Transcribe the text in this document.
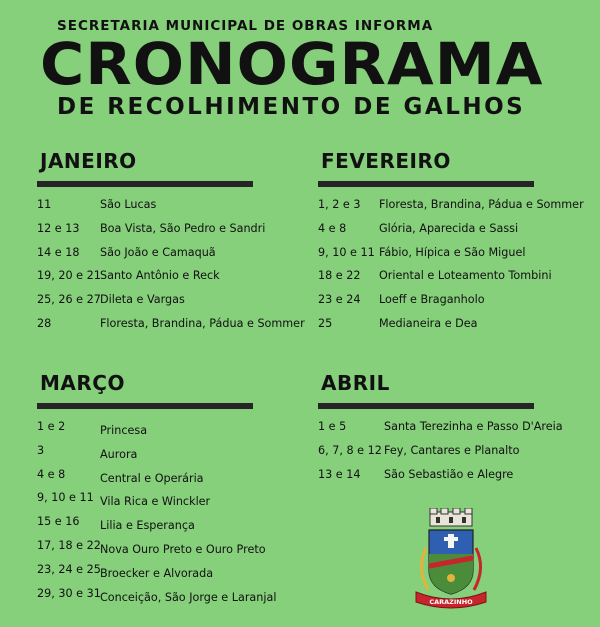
SECRETARIA MUNICIPAL DE OBRAS INFORMA
CRONOGRAMA
DE RECOLHIMENTO DE GALHOS
JANEIRO
11	São Lucas
12 e 13 Boa Vista, São Pedro e Sandri
14 e 18 São João e Camaquã
19, 20 e 21 Santo Antônio e Reck
25, 26 e 27 Dileta e Vargas
28	Floresta, Brandina, Pádua e Sommer
FEVEREIRO
1, 2 e 3 Floresta, Brandina, Pádua e Sommer
4 e 8	Glória, Aparecida e Sassi
9, 10 e 11 Fábio, Hípica e São Miguel
18 e 22 Oriental e Loteamento Tombini
23 e 24 Loeff e Braganholo
25	Medianeira e Dea
MARÇO
1 e 2	Princesa
3	Aurora
4 e 8	Central e Operária
9, 10 e 11 Vila Rica e Winckler
15 e 16 Lilia e Esperança
17, 18 e 22 Nova Ouro Preto e Ouro Preto
23, 24 e 25 Broecker e Alvorada
29, 30 e 31 Conceição, São Jorge e Laranjal
ABRIL
1 e 5	Santa Terezinha e Passo D'Areia
6, 7, 8 e 12 Fey, Cantares e Planalto
13 e 14 São Sebastião e Alegre
CARAZINHO
